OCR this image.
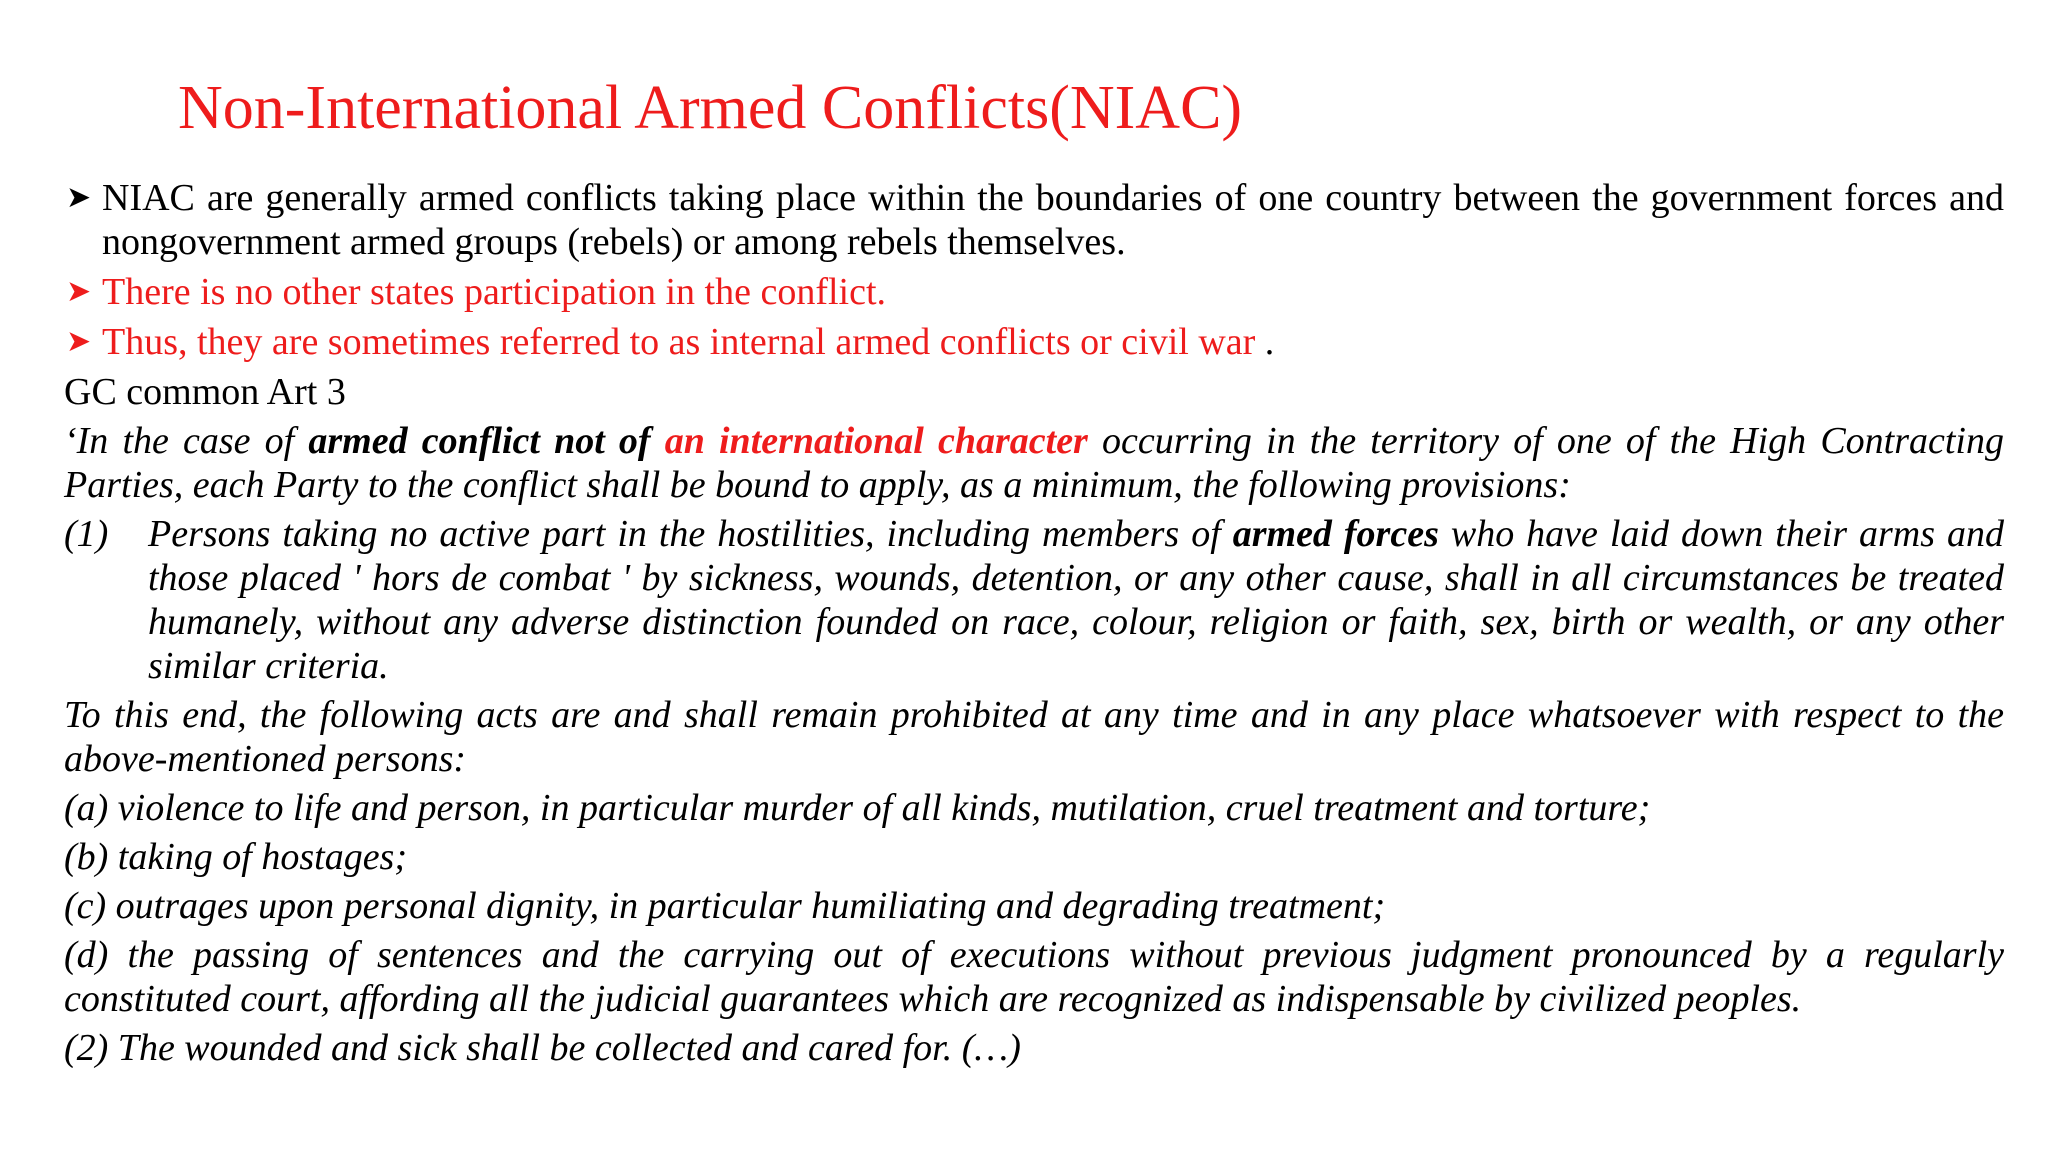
Non-International Armed Conflicts(NIAC)
➤ NIAC are generally armed conflicts taking place within the boundaries of one country between the government forces and nongovernment armed groups (rebels) or among rebels themselves.
➤ There is no other states participation in the conflict.
➤ Thus, they are sometimes referred to as internal armed conflicts or civil war .
GC common Art 3
‘In the case of armed conflict not of an international character occurring in the territory of one of the High Contracting Parties, each Party to the conflict shall be bound to apply, as a minimum, the following provisions:
(1) Persons taking no active part in the hostilities, including members of armed forces who have laid down their arms and those placed ' hors de combat ' by sickness, wounds, detention, or any other cause, shall in all circumstances be treated humanely, without any adverse distinction founded on race, colour, religion or faith, sex, birth or wealth, or any other similar criteria.
To this end, the following acts are and shall remain prohibited at any time and in any place whatsoever with respect to the above-mentioned persons:
(a) violence to life and person, in particular murder of all kinds, mutilation, cruel treatment and torture;
(b) taking of hostages;
(c) outrages upon personal dignity, in particular humiliating and degrading treatment;
(d) the passing of sentences and the carrying out of executions without previous judgment pronounced by a regularly constituted court, affording all the judicial guarantees which are recognized as indispensable by civilized peoples.
(2) The wounded and sick shall be collected and cared for. (…)
